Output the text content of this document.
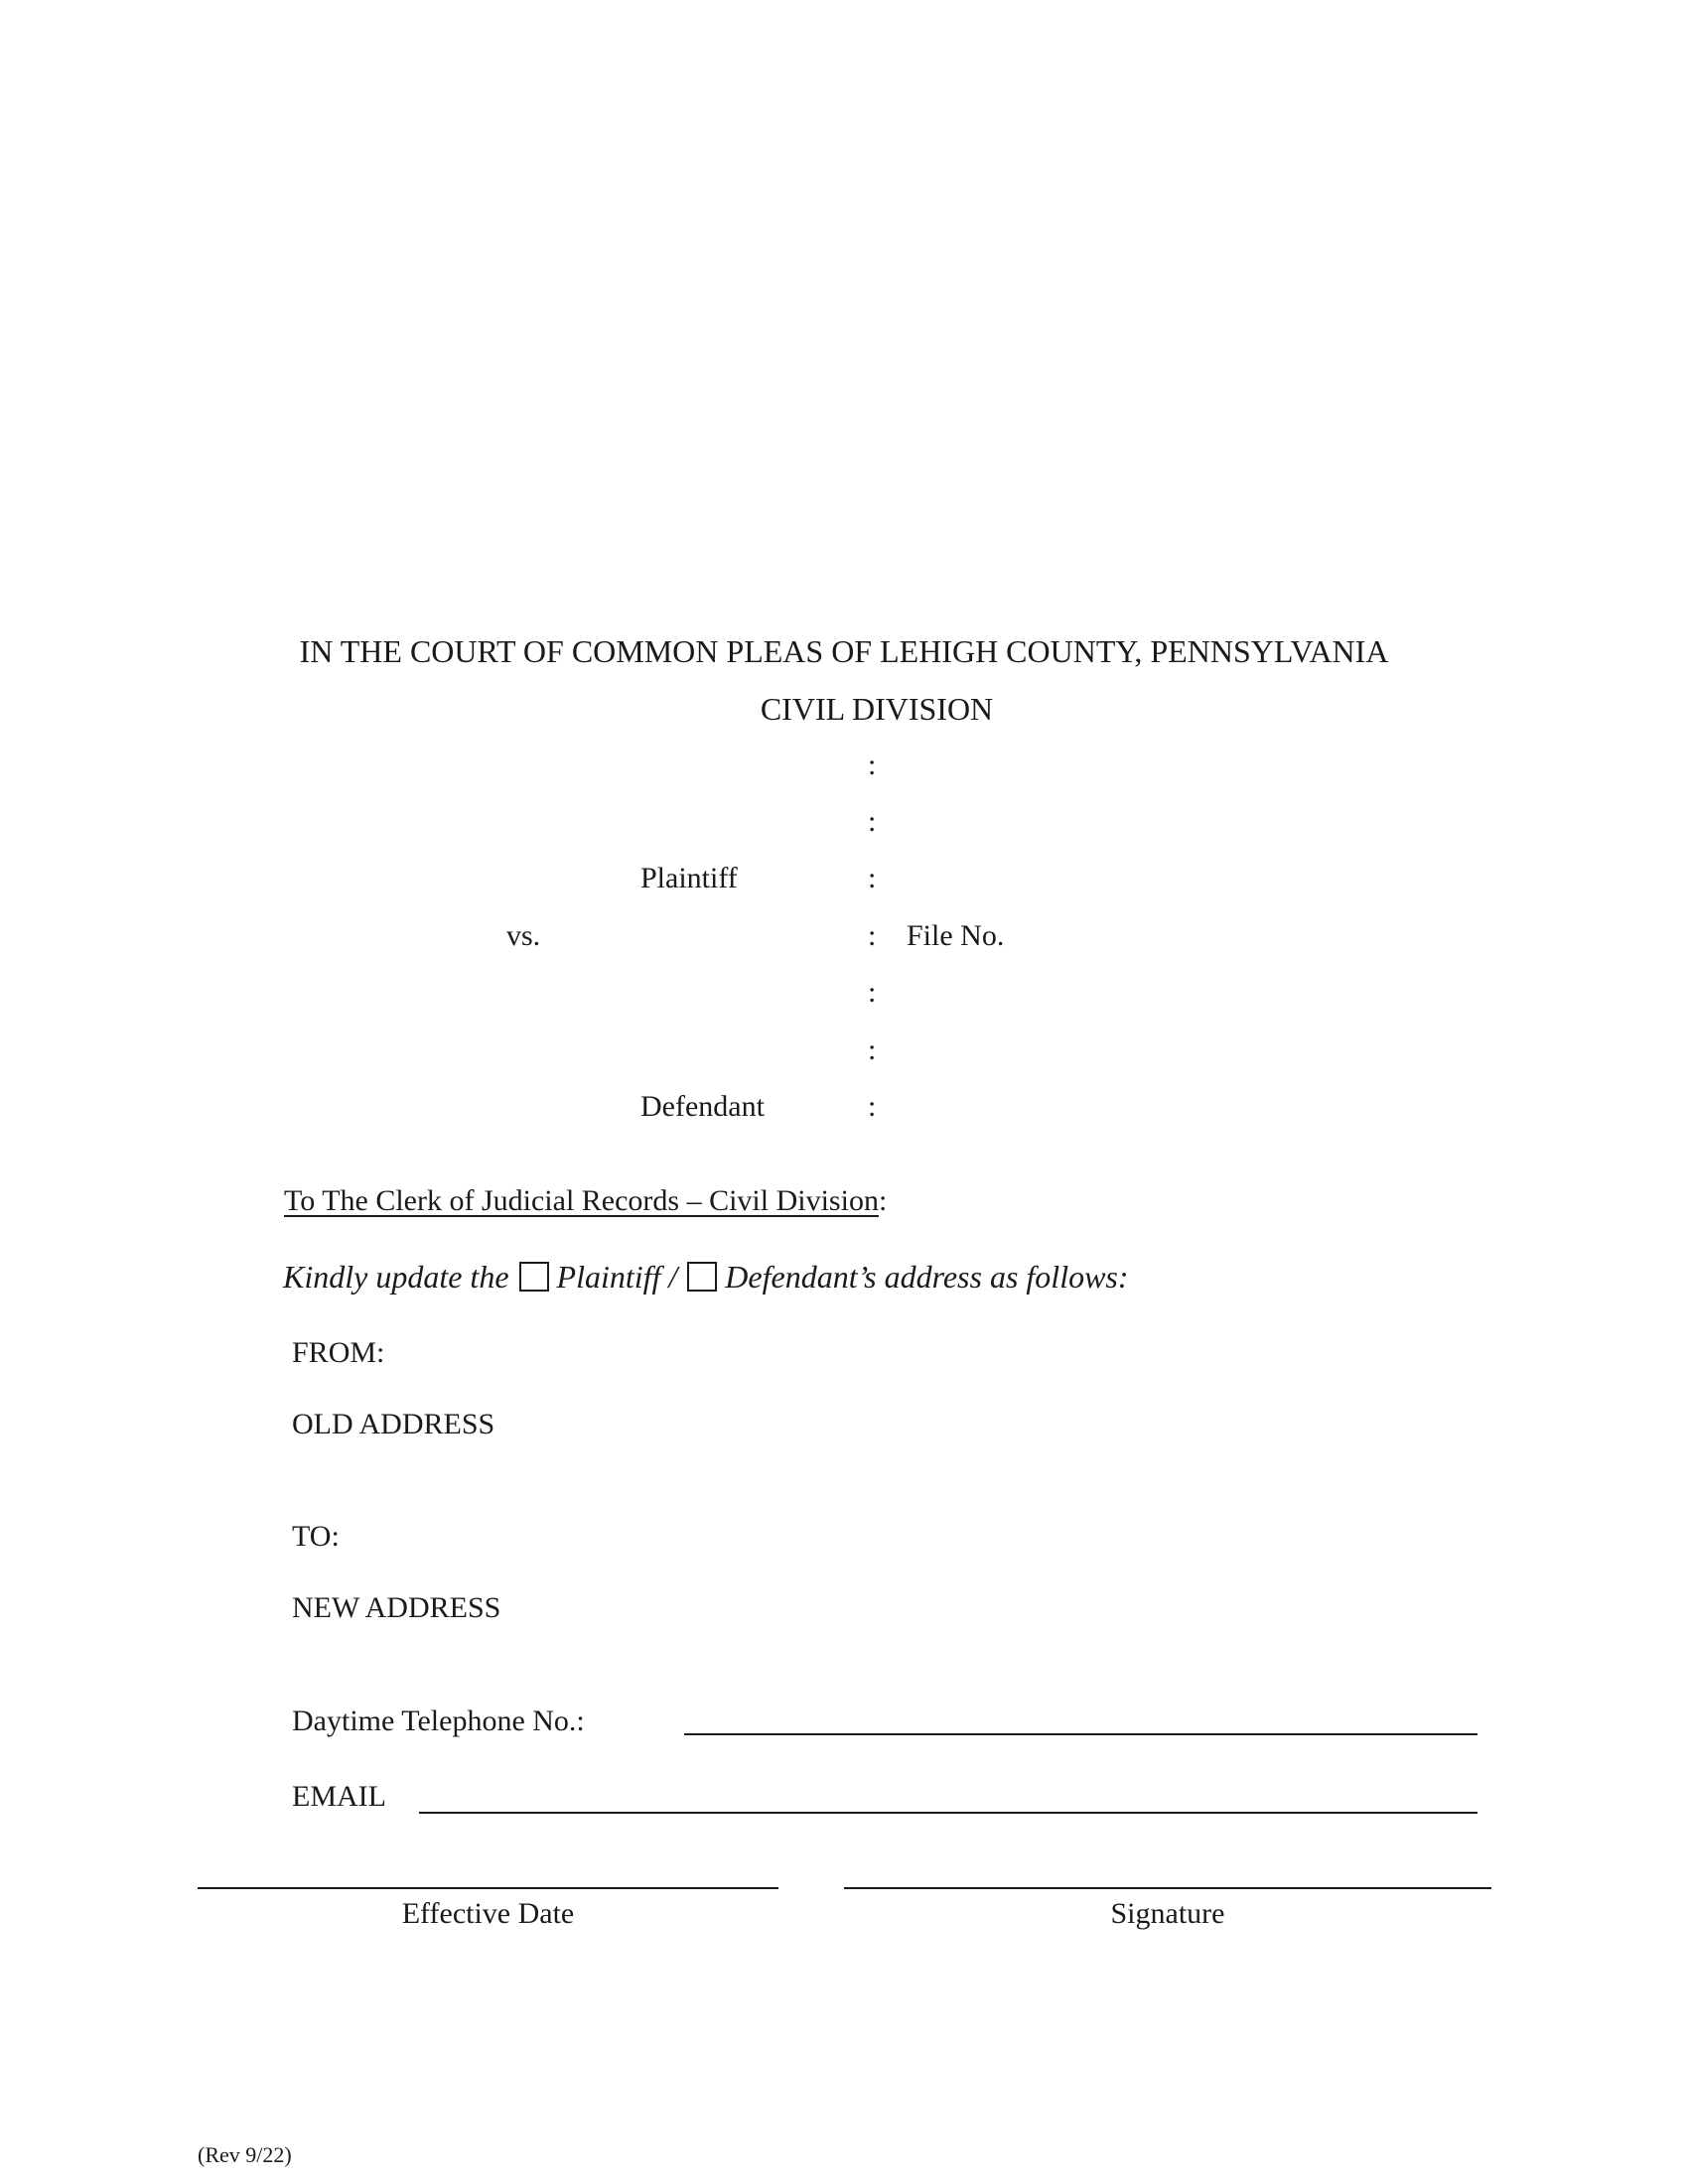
IN THE COURT OF COMMON PLEAS OF LEHIGH COUNTY, PENNSYLVANIA
CIVIL DIVISION
:
:
:
:
:
:
:
Plaintiff
vs.	File No.
Defendant
To The Clerk of Judicial Records – Civil Division:
Kindly update the Plaintiff / Defendant’s address as follows:
FROM:
OLD ADDRESS
TO:
NEW ADDRESS
Daytime Telephone No.:
EMAIL
Effective Date	Signature
(Rev 9/22)
